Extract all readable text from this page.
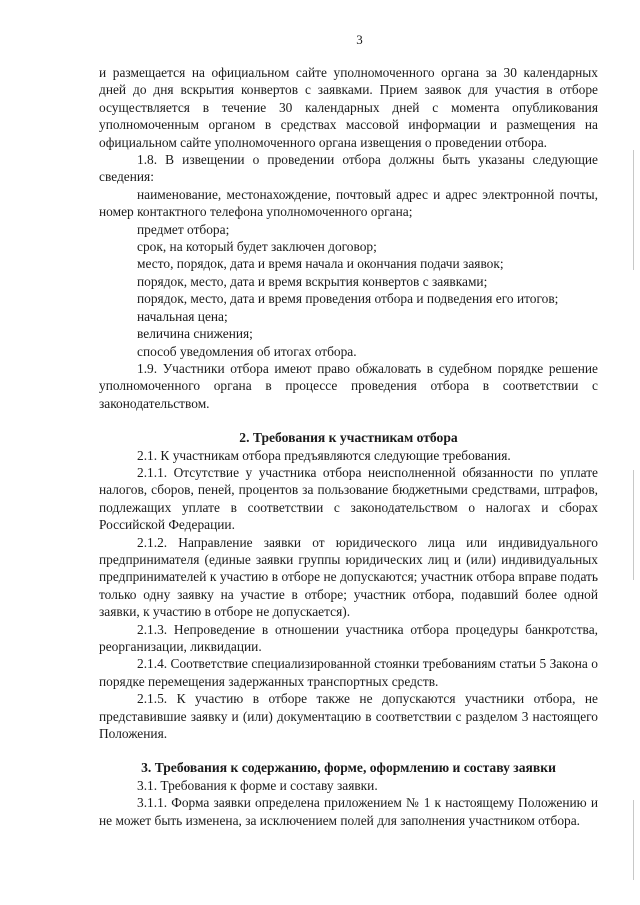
3
и размещается на официальном сайте уполномоченного органа за 30 календарных дней до дня вскрытия конвертов с заявками. Прием заявок для участия в отборе осуществляется в течение 30 календарных дней с момента опубликования уполномоченным органом в средствах массовой информации и размещения на официальном сайте уполномоченного органа извещения о проведении отбора.
1.8. В извещении о проведении отбора должны быть указаны следующие сведения:
наименование, местонахождение, почтовый адрес и адрес электронной почты, номер контактного телефона уполномоченного органа;
предмет отбора;
срок, на который будет заключен договор;
место, порядок, дата и время начала и окончания подачи заявок;
порядок, место, дата и время вскрытия конвертов с заявками;
порядок, место, дата и время проведения отбора и подведения его итогов;
начальная цена;
величина снижения;
способ уведомления об итогах отбора.
1.9. Участники отбора имеют право обжаловать в судебном порядке решение уполномоченного органа в процессе проведения отбора в соответствии с законодательством.
2. Требования к участникам отбора
2.1. К участникам отбора предъявляются следующие требования.
2.1.1. Отсутствие у участника отбора неисполненной обязанности по уплате налогов, сборов, пеней, процентов за пользование бюджетными средствами, штрафов, подлежащих уплате в соответствии с законодательством о налогах и сборах Российской Федерации.
2.1.2. Направление заявки от юридического лица или индивидуального предпринимателя (единые заявки группы юридических лиц и (или) индивидуальных предпринимателей к участию в отборе не допускаются; участник отбора вправе подать только одну заявку на участие в отборе; участник отбора, подавший более одной заявки, к участию в отборе не допускается).
2.1.3. Непроведение в отношении участника отбора процедуры банкротства, реорганизации, ликвидации.
2.1.4. Соответствие специализированной стоянки требованиям статьи 5 Закона о порядке перемещения задержанных транспортных средств.
2.1.5. К участию в отборе также не допускаются участники отбора, не представившие заявку и (или) документацию в соответствии с разделом 3 настоящего Положения.
3. Требования к содержанию, форме, оформлению и составу заявки
3.1. Требования к форме и составу заявки.
3.1.1. Форма заявки определена приложением № 1 к настоящему Положению и не может быть изменена, за исключением полей для заполнения участником отбора.
